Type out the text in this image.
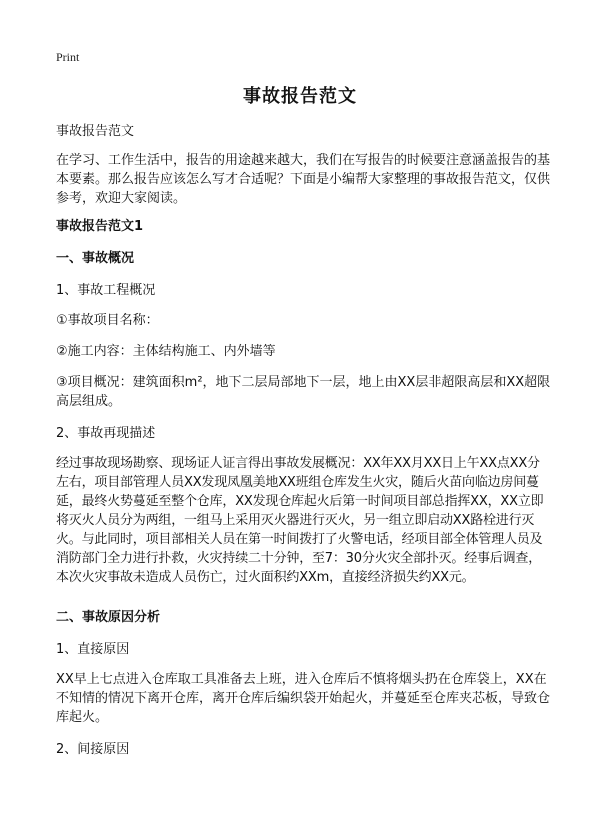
Print
事故报告范文

事故报告范文

在学习、工作生活中，报告的用途越来越大，我们在写报告的时候要注意涵盖报告的基本要素。那么报告应该怎么写才合适呢？下面是小编帮大家整理的事故报告范文，仅供参考，欢迎大家阅读。

事故报告范文1

一、事故概况

1、事故工程概况

①事故项目名称：

②施工内容：主体结构施工、内外墙等

③项目概况：建筑面积m²，地下二层局部地下一层，地上由XX层非超限高层和XX超限高层组成。

2、事故再现描述

经过事故现场勘察、现场证人证言得出事故发展概况：XX年XX月XX日上午XX点XX分左右，项目部管理人员XX发现凤凰美地XX班组仓库发生火灾，随后火苗向临边房间蔓延，最终火势蔓延至整个仓库，XX发现仓库起火后第一时间项目部总指挥XX，XX立即将灭火人员分为两组，一组马上采用灭火器进行灭火，另一组立即启动XX路栓进行灭火。与此同时，项目部相关人员在第一时间拨打了火警电话，经项目部全体管理人员及消防部门全力进行扑救，火灾持续二十分钟，至7：30分火灾全部扑灭。经事后调查，本次火灾事故未造成人员伤亡，过火面积约XXm，直接经济损失约XX元。

二、事故原因分析

1、直接原因

XX早上七点进入仓库取工具准备去上班，进入仓库后不慎将烟头扔在仓库袋上，XX在不知情的情况下离开仓库，离开仓库后编织袋开始起火，并蔓延至仓库夹芯板，导致仓库起火。

2、间接原因
